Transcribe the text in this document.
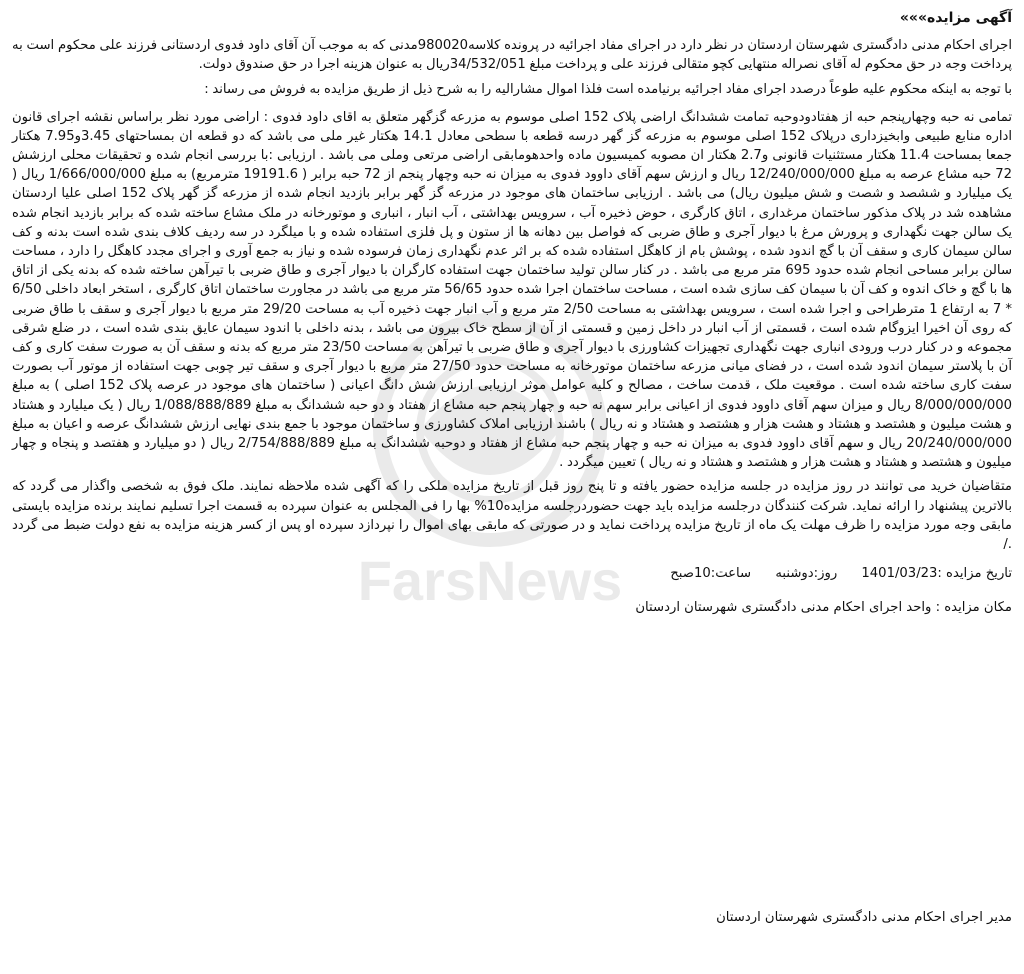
FarsNews
آگهی مزایده»»»

اجرای احکام مدنی دادگستری شهرستان اردستان در نظر دارد در اجرای مفاد اجرائیه در پرونده کلاسه980020مدنی که به موجب آن آقای داود فدوی اردستانی فرزند علی محکوم است به پرداخت وجه در حق محکوم له آقای نصراله منتهایی کچو متقالی فرزند علی و پرداخت مبلغ 34/532/051ریال به عنوان هزینه اجرا در حق صندوق دولت.

با توجه به اینکه محکوم علیه طوعاً درصدد اجرای مفاد اجرائیه برنیامده است فلذا اموال مشارالیه را به شرح ذیل از طریق مزایده به فروش می رساند :

تمامی نه حبه وچهارپنجم حبه از هفتادودوحبه تمامت ششدانگ اراضی پلاک 152 اصلی موسوم به مزرعه گزگهر متعلق به اقای داود فدوی : اراضی مورد نظر براساس نقشه اجرای قانون اداره منابع طبیعی وابخیزداری درپلاک 152 اصلی موسوم به مزرعه گز گهر درسه قطعه با سطحی معادل 14.1 هکتار غیر ملی می باشد که دو قطعه ان بمساحتهای 3.45و7.95 هکتار جمعا بمساحت 11.4 هکتار مستثنیات قانونی و2.7 هکتار ان مصوبه کمیسیون ماده واحدهومابقی اراضی مرتعی وملی می باشد . ارزیابی :با بررسی انجام شده و تحقیقات محلی ارزشش 72 حبه مشاع عرصه به مبلغ 12/240/000/000 ریال و ارزش سهم آقای داوود فدوی به میزان نه حبه وچهار پنجم از 72 حبه برابر ( 19191.6 مترمربع) به مبلغ 1/666/000/000 ریال ( یک میلیارد و ششصد و شصت و شش میلیون ریال) می باشد . ارزیابی ساختمان های موجود در مزرعه گز گهر برابر بازدید انجام شده از مزرعه گز گهر پلاک 152 اصلی علیا اردستان مشاهده شد در پلاک مذکور ساختمان مرغداری ، اتاق کارگری ، حوض ذخیره آب ، سرویس بهداشتی ، آب انبار ، انباری و موتورخانه در ملک مشاع ساخته شده که برابر بازدید انجام شده یک سالن جهت نگهداری و پرورش مرغ با دیوار آجری و طاق ضربی که فواصل بین دهانه ها از ستون و پل فلزی استفاده شده و با میلگرد در سه ردیف کلاف بندی شده است بدنه و کف سالن سیمان کاری و سقف آن با گچ اندود شده ، پوشش بام از کاهگل استفاده شده که بر اثر عدم نگهداری زمان فرسوده شده و نیاز به جمع آوری و اجرای مجدد کاهگل را دارد ، مساحت سالن برابر مساحی انجام شده حدود 695 متر مربع می باشد . در کنار سالن تولید ساختمان جهت استفاده کارگران با دیوار آجری و طاق ضربی با تیرآهن ساخته شده که بدنه یکی از اتاق ها با گچ و خاک اندوه و کف آن با سیمان کف سازی شده است ، مساحت ساختمان اجرا شده حدود 56/65 متر مربع می باشد در مجاورت ساختمان اتاق کارگری ، استخر ابعاد داخلی 6/50 * 7 به ارتفاع 1 مترطراحی و اجرا شده است ، سرویس بهداشتی به مساحت 2/50 متر مربع و آب انبار جهت ذخیره آب به مساحت 29/20 متر مربع با دیوار آجری و سقف با طاق ضربی که روی آن اخیرا ایزوگام شده است ، قسمتی از آب انبار در داخل زمین و قسمتی از آن از سطح خاک بیرون می باشد ، بدنه داخلی با اندود سیمان عایق بندی شده است ، در ضلع شرقی مجموعه و در کنار درب ورودی انباری جهت نگهداری تجهیزات کشاورزی با دیوار آجری و طاق ضربی با تیرآهن به مساحت 23/50 متر مربع که بدنه و سقف آن به صورت سفت کاری و کف آن با پلاستر سیمان اندود شده است ، در فضای میانی مزرعه ساختمان موتورخانه به مساحت حدود 27/50 متر مربع با دیوار آجری و سقف تیر چوبی جهت استفاده از موتور آب بصورت سفت کاری ساخته شده است . موقعیت ملک ، قدمت ساخت ، مصالح و کلیه عوامل موثر ارزیابی ارزش شش دانگ اعیانی ( ساختمان های موجود در عرصه پلاک 152 اصلی ) به مبلغ 8/000/000/000 ریال و میزان سهم آقای داوود فدوی از اعیانی برابر سهم نه حبه و چهار پنجم حبه مشاع از هفتاد و دو حبه ششدانگ به مبلغ 1/088/888/889 ریال ( یک میلیارد و هشتاد و هشت میلیون و هشتصد و هشتاد و هشت هزار و هشتصد و هشتاد و نه ریال ) باشند ارزیابی املاک کشاورزی و ساختمان موجود با جمع بندی نهایی ارزش ششدانگ عرصه و اعیان به مبلغ 20/240/000/000 ریال و سهم آقای داوود فدوی به میزان نه حبه و چهار پنجم حبه مشاع از هفتاد و دوحبه ششدانگ به مبلغ 2/754/888/889 ریال ( دو میلیارد و هفتصد و پنجاه و چهار میلیون و هشتصد و هشتاد و هشت هزار و هشتصد و هشتاد و نه ریال ) تعیین میگردد .

متقاضیان خرید می توانند در روز مزایده در جلسه مزایده حضور یافته و تا پنج روز قبل از تاریخ مزایده ملکی را که آگهی شده ملاحظه نمایند. ملک فوق به شخصی واگذار می گردد که بالاترین پیشنهاد را ارائه نماید. شرکت کنندگان درجلسه مزایده باید جهت حضوردرجلسه مزایده10% بها را فی المجلس به عنوان سپرده به قسمت اجرا تسلیم نمایند برنده مزایده بایستی مابقی وجه مورد مزایده را ظرف مهلت یک ماه از تاریخ مزایده پرداخت نماید و در صورتی که مابقی بهای اموال را نپردازد سپرده او پس از کسر هزینه مزایده به نفع دولت ضبط می گردد ./

تاریخ مزایده :1401/03/23 روز:دوشنبه ساعت:10صبح
مکان مزایده : واحد اجرای احکام مدنی دادگستری شهرستان اردستان
مدیر اجرای احکام مدنی دادگستری شهرستان اردستان
